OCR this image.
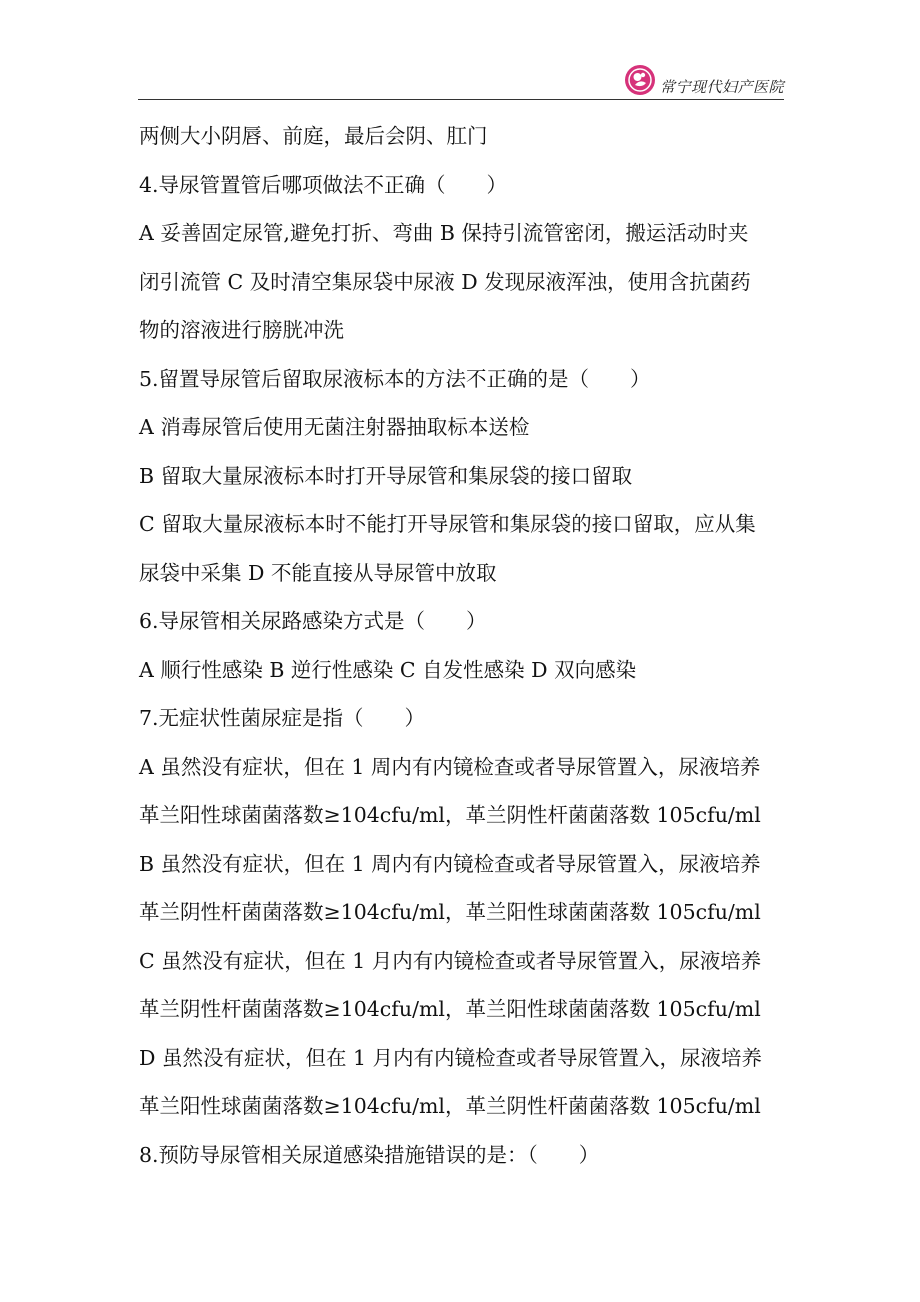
常宁现代妇产医院
两侧大小阴唇、前庭，最后会阴、肛门
4.导尿管置管后哪项做法不正确（　　）
A 妥善固定尿管,避免打折、弯曲 B 保持引流管密闭，搬运活动时夹
闭引流管 C 及时清空集尿袋中尿液 D 发现尿液浑浊，使用含抗菌药
物的溶液进行膀胱冲洗
5.留置导尿管后留取尿液标本的方法不正确的是（　　）
A 消毒尿管后使用无菌注射器抽取标本送检
B 留取大量尿液标本时打开导尿管和集尿袋的接口留取
C 留取大量尿液标本时不能打开导尿管和集尿袋的接口留取，应从集
尿袋中采集 D 不能直接从导尿管中放取
6.导尿管相关尿路感染方式是（　　）
A 顺行性感染 B 逆行性感染 C 自发性感染 D 双向感染
7.无症状性菌尿症是指（　　）
A 虽然没有症状，但在 1 周内有内镜检查或者导尿管置入，尿液培养
革兰阳性球菌菌落数≥104cfu/ml，革兰阴性杆菌菌落数 105cfu/ml
B 虽然没有症状，但在 1 周内有内镜检查或者导尿管置入，尿液培养
革兰阴性杆菌菌落数≥104cfu/ml，革兰阳性球菌菌落数 105cfu/ml
C 虽然没有症状，但在 1 月内有内镜检查或者导尿管置入，尿液培养
革兰阴性杆菌菌落数≥104cfu/ml，革兰阳性球菌菌落数 105cfu/ml
D 虽然没有症状，但在 1 月内有内镜检查或者导尿管置入，尿液培养
革兰阳性球菌菌落数≥104cfu/ml，革兰阴性杆菌菌落数 105cfu/ml
8.预防导尿管相关尿道感染措施错误的是：（　　）
